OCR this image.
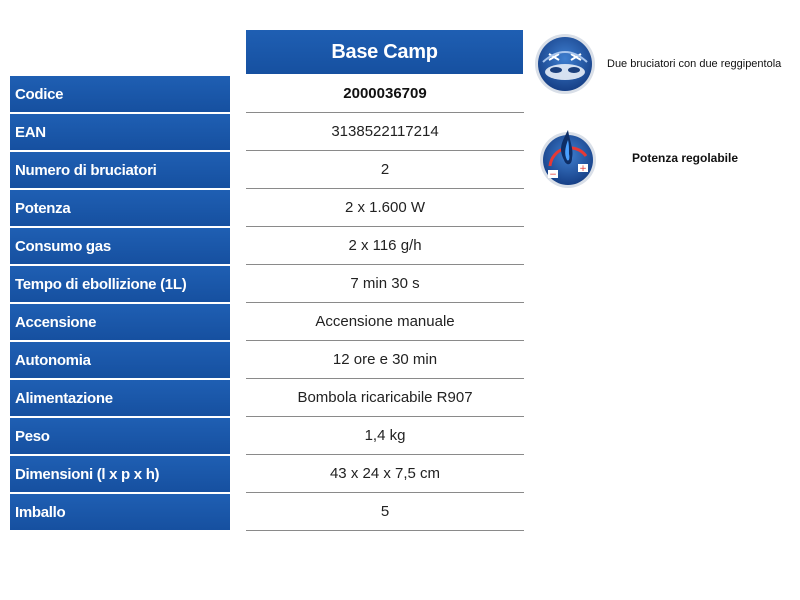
Base Camp
Codice	2000036709
EAN	3138522117214
Numero di bruciatori	2
Potenza	2 x 1.600 W
Consumo gas	2 x 116 g/h
Tempo di ebollizione (1L)	7 min 30 s
Accensione	Accensione manuale
Autonomia	12 ore e 30 min
Alimentazione	Bombola ricaricabile R907
Peso	1,4 kg
Dimensioni (l x p x h)	43 x 24 x 7,5 cm
Imballo	5
Due bruciatori con due reggipentola
−
+
Potenza regolabile
